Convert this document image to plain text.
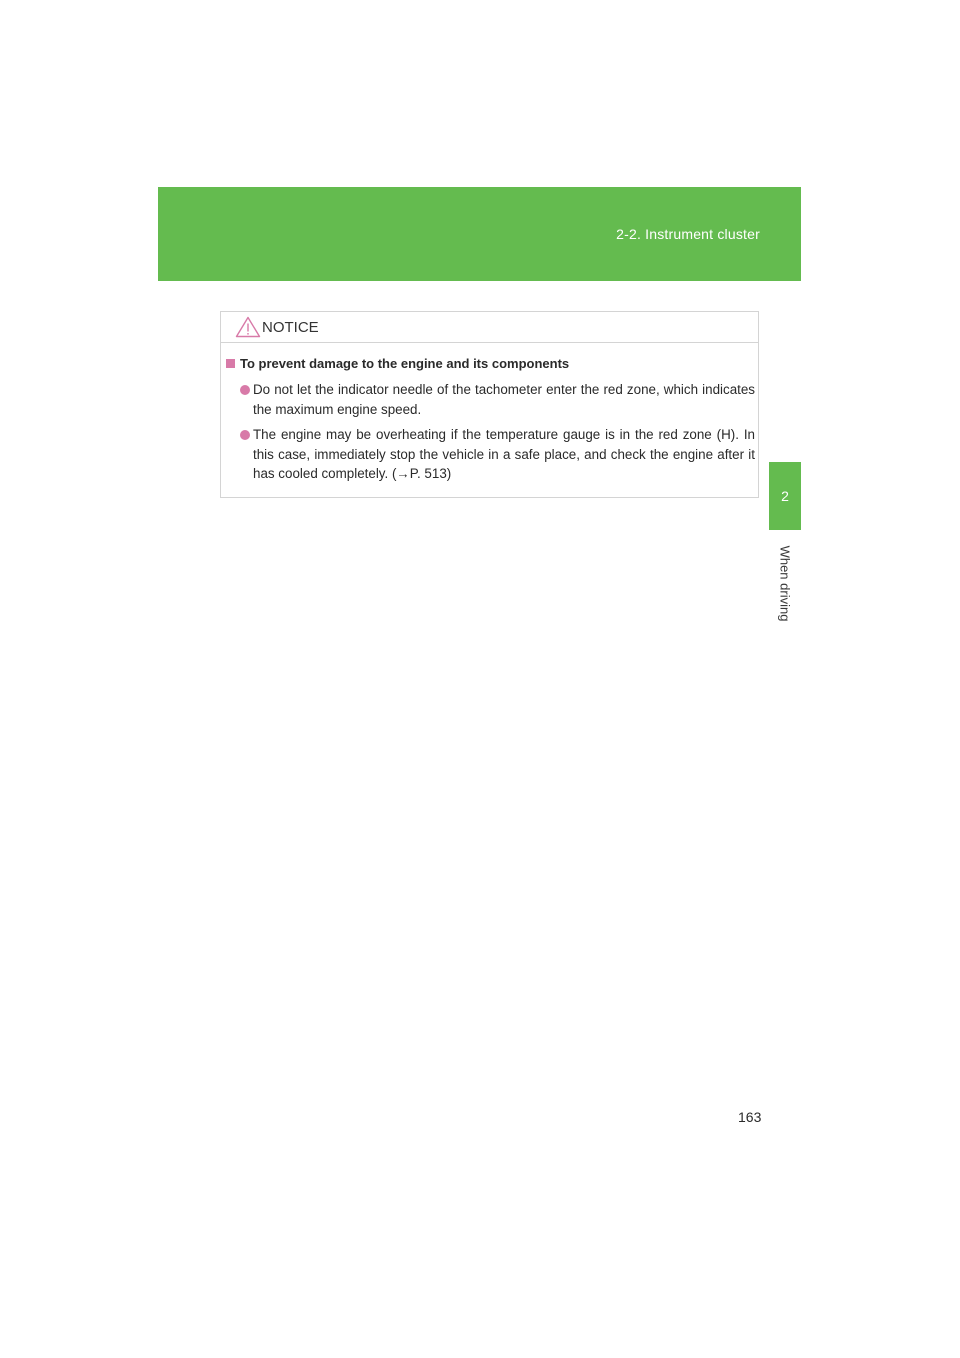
2-2. Instrument cluster
2
When driving
NOTICE
To prevent damage to the engine and its components
Do not let the indicator needle of the tachometer enter the red zone, which indicates the maximum engine speed.
The engine may be overheating if the temperature gauge is in the red zone (H). In this case, immediately stop the vehicle in a safe place, and check the engine after it has cooled completely. (→P. 513)
163
